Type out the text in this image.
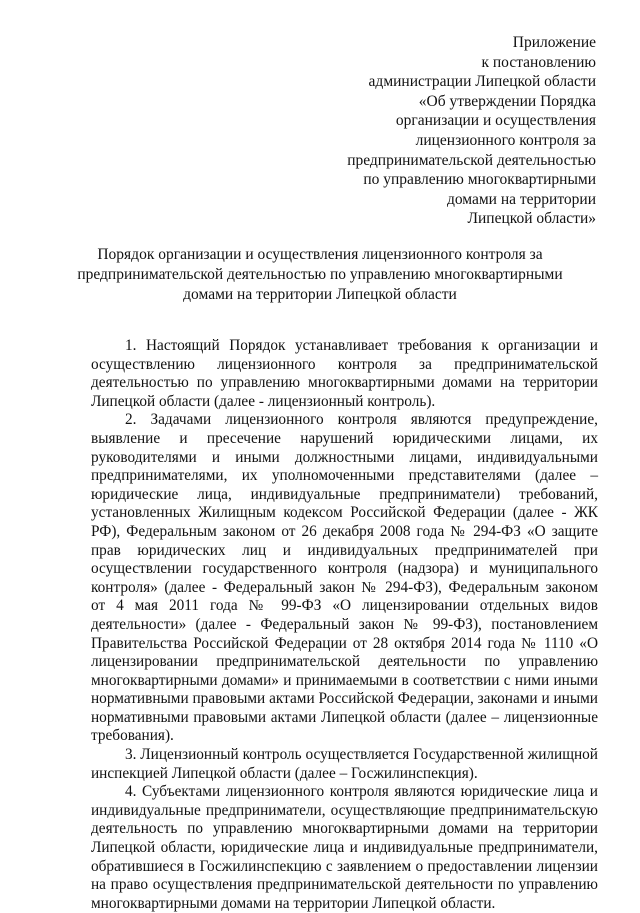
Приложение
к постановлению
администрации Липецкой области
«Об утверждении Порядка
организации и осуществления
лицензионного контроля за
предпринимательской деятельностью
по управлению многоквартирными
домами на территории
Липецкой области»
Порядок организации и осуществления лицензионного контроля за
предпринимательской деятельностью по управлению многоквартирными
домами на территории Липецкой области
1. Настоящий Порядок устанавливает требования к организации и
осуществлению лицензионного контроля за предпринимательской
деятельностью по управлению многоквартирными домами на территории
Липецкой области (далее - лицензионный контроль).
2. Задачами лицензионного контроля являются предупреждение,
выявление и пресечение нарушений юридическими лицами, их
руководителями и иными должностными лицами, индивидуальными
предпринимателями, их уполномоченными представителями (далее –
юридические лица, индивидуальные предприниматели) требований,
установленных Жилищным кодексом Российской Федерации (далее - ЖК
РФ), Федеральным законом от 26 декабря 2008 года № 294-ФЗ «О защите
прав юридических лиц и индивидуальных предпринимателей при
осуществлении государственного контроля (надзора) и муниципального
контроля» (далее - Федеральный закон № 294-ФЗ), Федеральным законом
от 4 мая 2011 года № 99-ФЗ «О лицензировании отдельных видов
деятельности» (далее - Федеральный закон № 99-ФЗ), постановлением
Правительства Российской Федерации от 28 октября 2014 года № 1110 «О
лицензировании предпринимательской деятельности по управлению
многоквартирными домами» и принимаемыми в соответствии с ними иными
нормативными правовыми актами Российской Федерации, законами и иными
нормативными правовыми актами Липецкой области (далее – лицензионные
требования).
3. Лицензионный контроль осуществляется Государственной жилищной
инспекцией Липецкой области (далее – Госжилинспекция).
4. Субъектами лицензионного контроля являются юридические лица и
индивидуальные предприниматели, осуществляющие предпринимательскую
деятельность по управлению многоквартирными домами на территории
Липецкой области, юридические лица и индивидуальные предприниматели,
обратившиеся в Госжилинспекцию с заявлением о предоставлении лицензии
на право осуществления предпринимательской деятельности по управлению
многоквартирными домами на территории Липецкой области.
